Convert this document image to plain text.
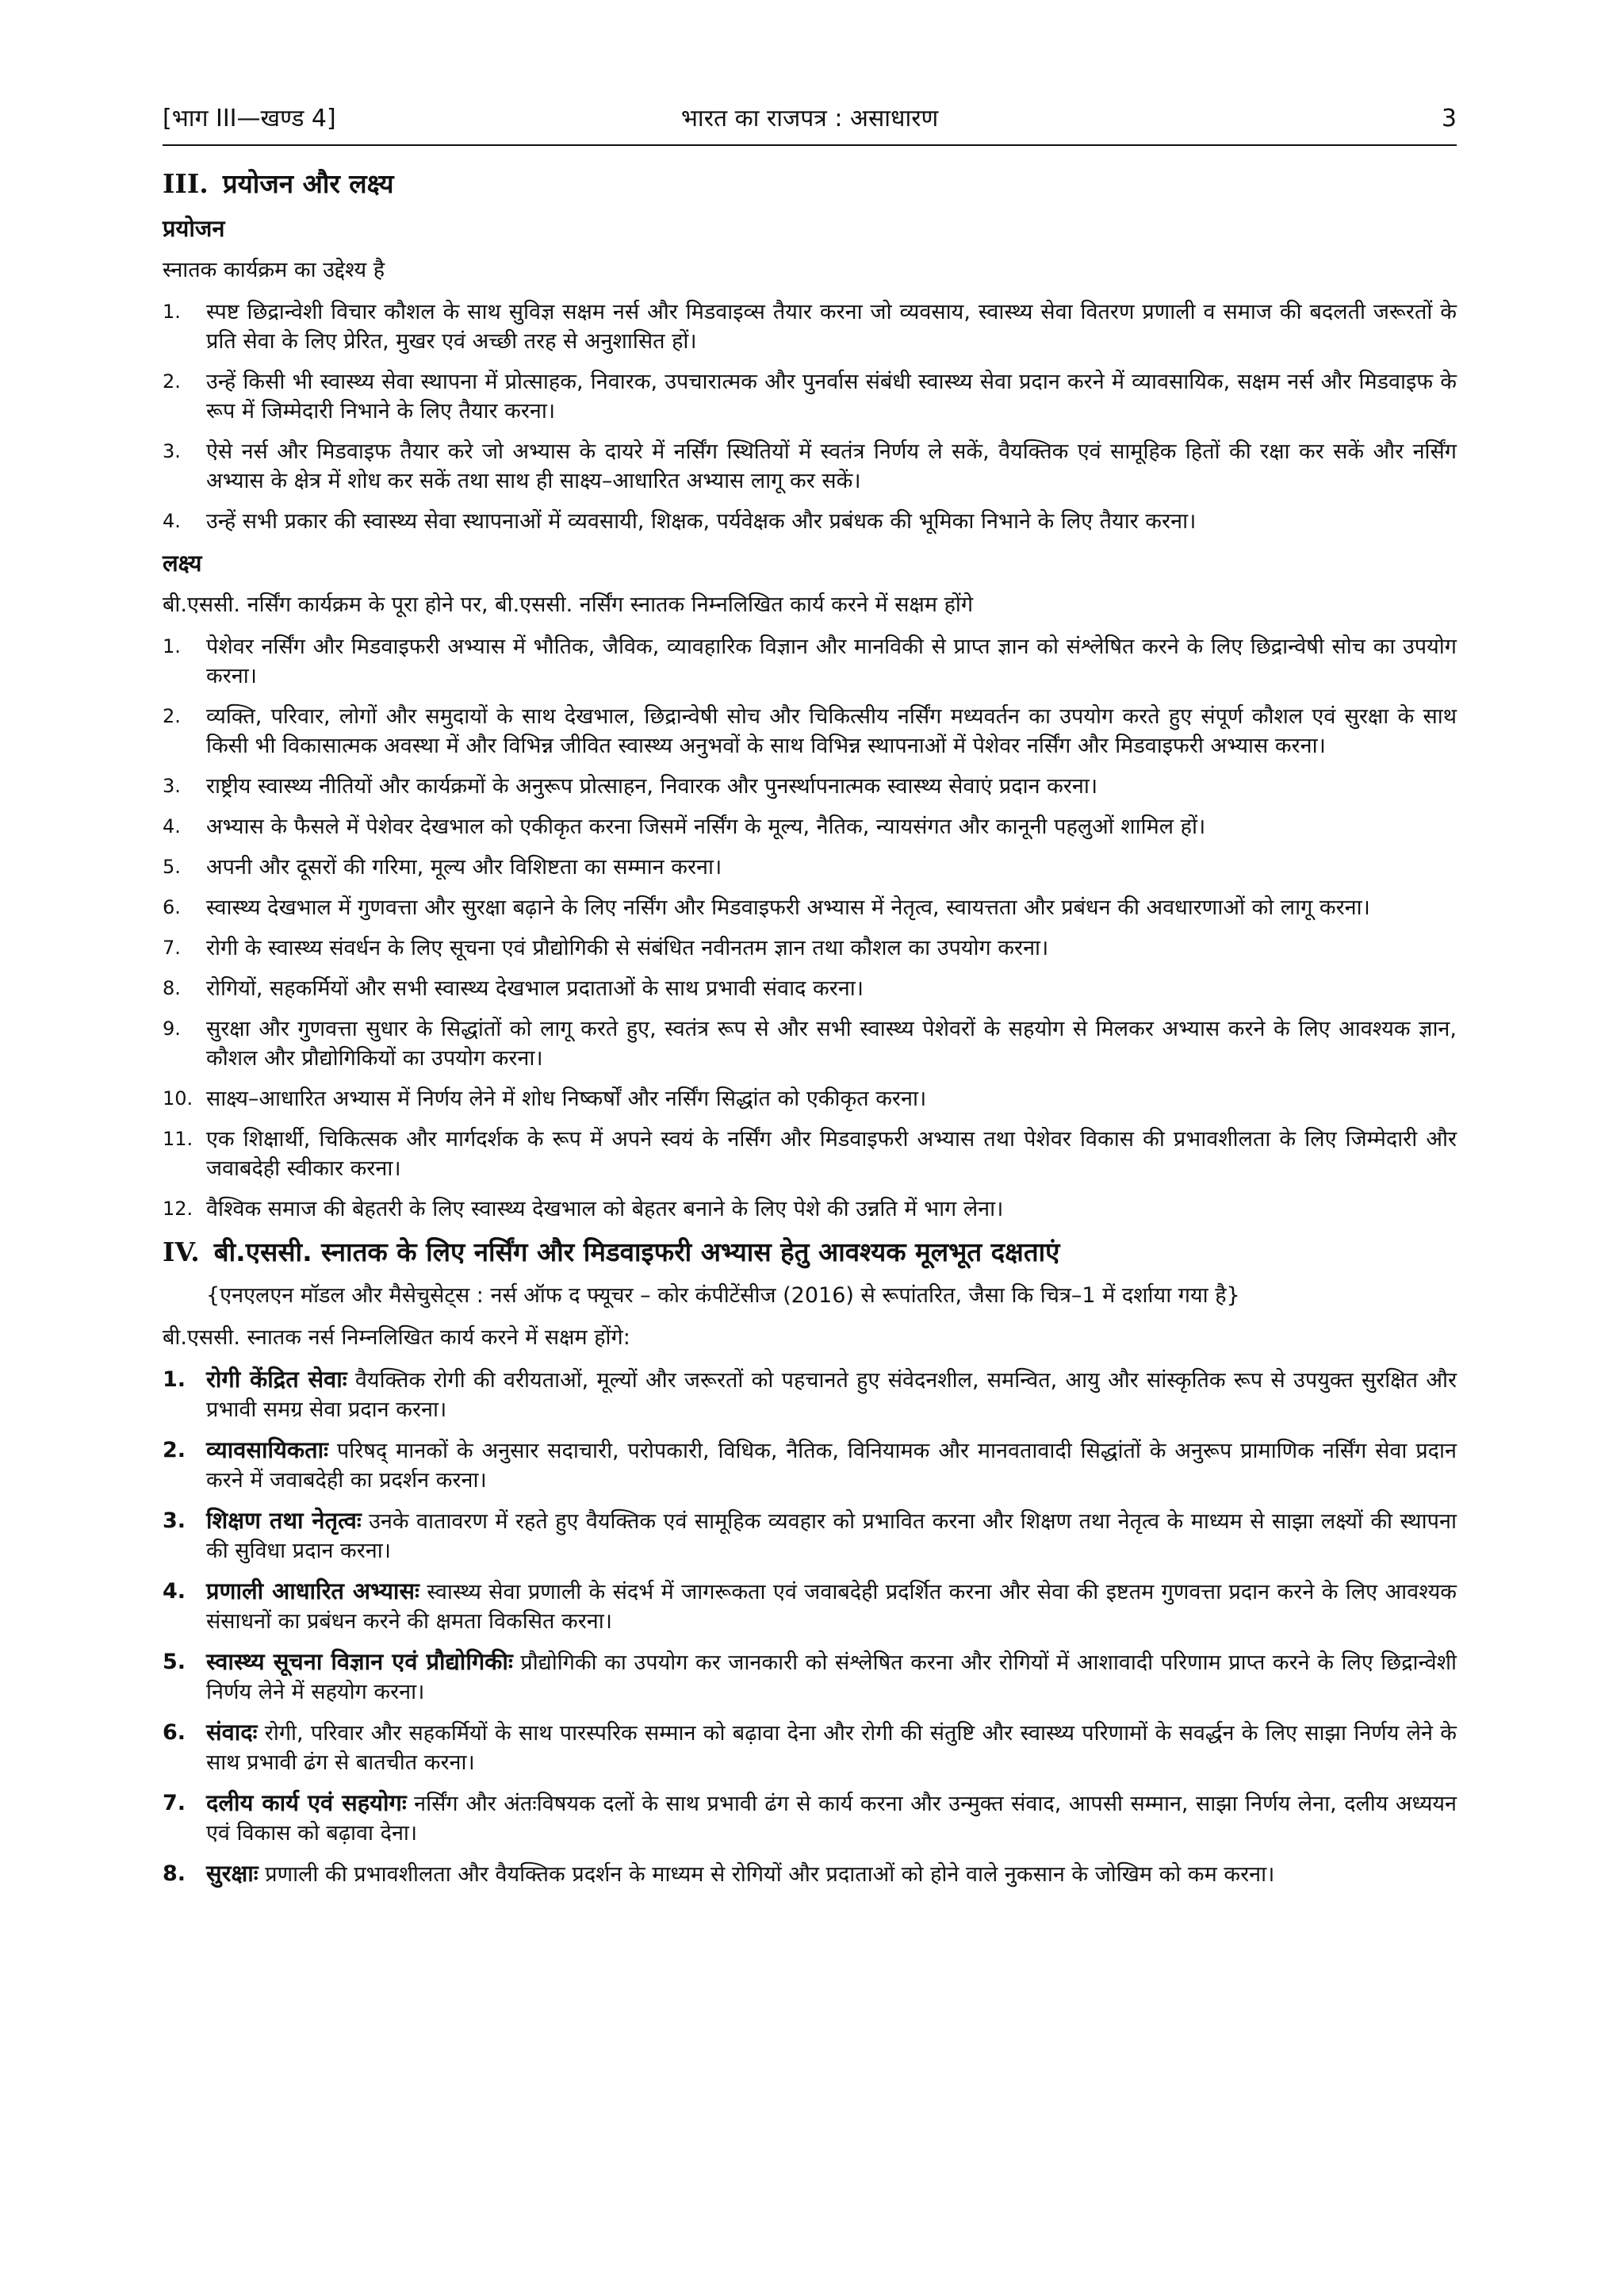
[भाग III—खण्ड 4]	भारत का राजपत्र : असाधारण	3
III. प्रयोजन और लक्ष्य
प्रयोजन
स्नातक कार्यक्रम का उद्देश्य है
1.	स्पष्ट छिद्रान्वेशी विचार कौशल के साथ सुविज्ञ सक्षम नर्स और मिडवाइव्स तैयार करना जो व्यवसाय, स्वास्थ्य सेवा वितरण प्रणाली व समाज की बदलती जरूरतों के प्रति सेवा के लिए प्रेरित, मुखर एवं अच्छी तरह से अनुशासित हों।
2.	उन्हें किसी भी स्वास्थ्य सेवा स्थापना में प्रोत्साहक, निवारक, उपचारात्मक और पुनर्वास संबंधी स्वास्थ्य सेवा प्रदान करने में व्यावसायिक, सक्षम नर्स और मिडवाइफ के रूप में जिम्मेदारी निभाने के लिए तैयार करना।
3.	ऐसे नर्स और मिडवाइफ तैयार करे जो अभ्यास के दायरे में नर्सिंग स्थितियों में स्वतंत्र निर्णय ले सकें, वैयक्तिक एवं सामूहिक हितों की रक्षा कर सकें और नर्सिंग अभ्यास के क्षेत्र में शोध कर सकें तथा साथ ही साक्ष्य–आधारित अभ्यास लागू कर सकें।
4.	उन्हें सभी प्रकार की स्वास्थ्य सेवा स्थापनाओं में व्यवसायी, शिक्षक, पर्यवेक्षक और प्रबंधक की भूमिका निभाने के लिए तैयार करना।
लक्ष्य
बी.एससी. नर्सिंग कार्यक्रम के पूरा होने पर, बी.एससी. नर्सिंग स्नातक निम्नलिखित कार्य करने में सक्षम होंगे
1.	पेशेवर नर्सिंग और मिडवाइफरी अभ्यास में भौतिक, जैविक, व्यावहारिक विज्ञान और मानविकी से प्राप्त ज्ञान को संश्लेषित करने के लिए छिद्रान्वेषी सोच का उपयोग करना।
2.	व्यक्ति, परिवार, लोगों और समुदायों के साथ देखभाल, छिद्रान्वेषी सोच और चिकित्सीय नर्सिंग मध्यवर्तन का उपयोग करते हुए संपूर्ण कौशल एवं सुरक्षा के साथ किसी भी विकासात्मक अवस्था में और विभिन्न जीवित स्वास्थ्य अनुभवों के साथ विभिन्न स्थापनाओं में पेशेवर नर्सिंग और मिडवाइफरी अभ्यास करना।
3.	राष्ट्रीय स्वास्थ्य नीतियों और कार्यक्रमों के अनुरूप प्रोत्साहन, निवारक और पुनर्स्थापनात्मक स्वास्थ्य सेवाएं प्रदान करना।
4.	अभ्यास के फैसले में पेशेवर देखभाल को एकीकृत करना जिसमें नर्सिंग के मूल्य, नैतिक, न्यायसंगत और कानूनी पहलुओं शामिल हों।
5.	अपनी और दूसरों की गरिमा, मूल्य और विशिष्टता का सम्मान करना।
6.	स्वास्थ्य देखभाल में गुणवत्ता और सुरक्षा बढ़ाने के लिए नर्सिंग और मिडवाइफरी अभ्यास में नेतृत्व, स्वायत्तता और प्रबंधन की अवधारणाओं को लागू करना।
7.	रोगी के स्वास्थ्य संवर्धन के लिए सूचना एवं प्रौद्योगिकी से संबंधित नवीनतम ज्ञान तथा कौशल का उपयोग करना।
8.	रोगियों, सहकर्मियों और सभी स्वास्थ्य देखभाल प्रदाताओं के साथ प्रभावी संवाद करना।
9.	सुरक्षा और गुणवत्ता सुधार के सिद्धांतों को लागू करते हुए, स्वतंत्र रूप से और सभी स्वास्थ्य पेशेवरों के सहयोग से मिलकर अभ्यास करने के लिए आवश्यक ज्ञान, कौशल और प्रौद्योगिकियों का उपयोग करना।
10. साक्ष्य–आधारित अभ्यास में निर्णय लेने में शोध निष्कर्षों और नर्सिंग सिद्धांत को एकीकृत करना।
11. एक शिक्षार्थी, चिकित्सक और मार्गदर्शक के रूप में अपने स्वयं के नर्सिंग और मिडवाइफरी अभ्यास तथा पेशेवर विकास की प्रभावशीलता के लिए जिम्मेदारी और जवाबदेही स्वीकार करना।
12. वैश्विक समाज की बेहतरी के लिए स्वास्थ्य देखभाल को बेहतर बनाने के लिए पेशे की उन्नति में भाग लेना।
IV. बी.एससी. स्नातक के लिए नर्सिंग और मिडवाइफरी अभ्यास हेतु आवश्यक मूलभूत दक्षताएं
{एनएलएन मॉडल और मैसेचुसेट्स : नर्स ऑफ द फ्यूचर – कोर कंपीटेंसीज (2016) से रूपांतरित, जैसा कि चित्र–1 में दर्शाया गया है}
बी.एससी. स्नातक नर्स निम्नलिखित कार्य करने में सक्षम होंगे:
1. रोगी केंद्रित सेवाः वैयक्तिक रोगी की वरीयताओं, मूल्यों और जरूरतों को पहचानते हुए संवेदनशील, समन्वित, आयु और सांस्कृतिक रूप से उपयुक्त सुरक्षित और प्रभावी समग्र सेवा प्रदान करना।
2. व्यावसायिकताः परिषद् मानकों के अनुसार सदाचारी, परोपकारी, विधिक, नैतिक, विनियामक और मानवतावादी सिद्धांतों के अनुरूप प्रामाणिक नर्सिंग सेवा प्रदान करने में जवाबदेही का प्रदर्शन करना।
3. शिक्षण तथा नेतृत्वः उनके वातावरण में रहते हुए वैयक्तिक एवं सामूहिक व्यवहार को प्रभावित करना और शिक्षण तथा नेतृत्व के माध्यम से साझा लक्ष्यों की स्थापना की सुविधा प्रदान करना।
4. प्रणाली आधारित अभ्यासः स्वास्थ्य सेवा प्रणाली के संदर्भ में जागरूकता एवं जवाबदेही प्रदर्शित करना और सेवा की इष्टतम गुणवत्ता प्रदान करने के लिए आवश्यक संसाधनों का प्रबंधन करने की क्षमता विकसित करना।
5. स्वास्थ्य सूचना विज्ञान एवं प्रौद्योगिकीः प्रौद्योगिकी का उपयोग कर जानकारी को संश्लेषित करना और रोगियों में आशावादी परिणाम प्राप्त करने के लिए छिद्रान्वेशी निर्णय लेने में सहयोग करना।
6. संवादः रोगी, परिवार और सहकर्मियों के साथ पारस्परिक सम्मान को बढ़ावा देना और रोगी की संतुष्टि और स्वास्थ्य परिणामों के सवर्द्धन के लिए साझा निर्णय लेने के साथ प्रभावी ढंग से बातचीत करना।
7. दलीय कार्य एवं सहयोगः नर्सिंग और अंतःविषयक दलों के साथ प्रभावी ढंग से कार्य करना और उन्मुक्त संवाद, आपसी सम्मान, साझा निर्णय लेना, दलीय अध्ययन एवं विकास को बढ़ावा देना।
8. सुरक्षाः प्रणाली की प्रभावशीलता और वैयक्तिक प्रदर्शन के माध्यम से रोगियों और प्रदाताओं को होने वाले नुकसान के जोखिम को कम करना।
